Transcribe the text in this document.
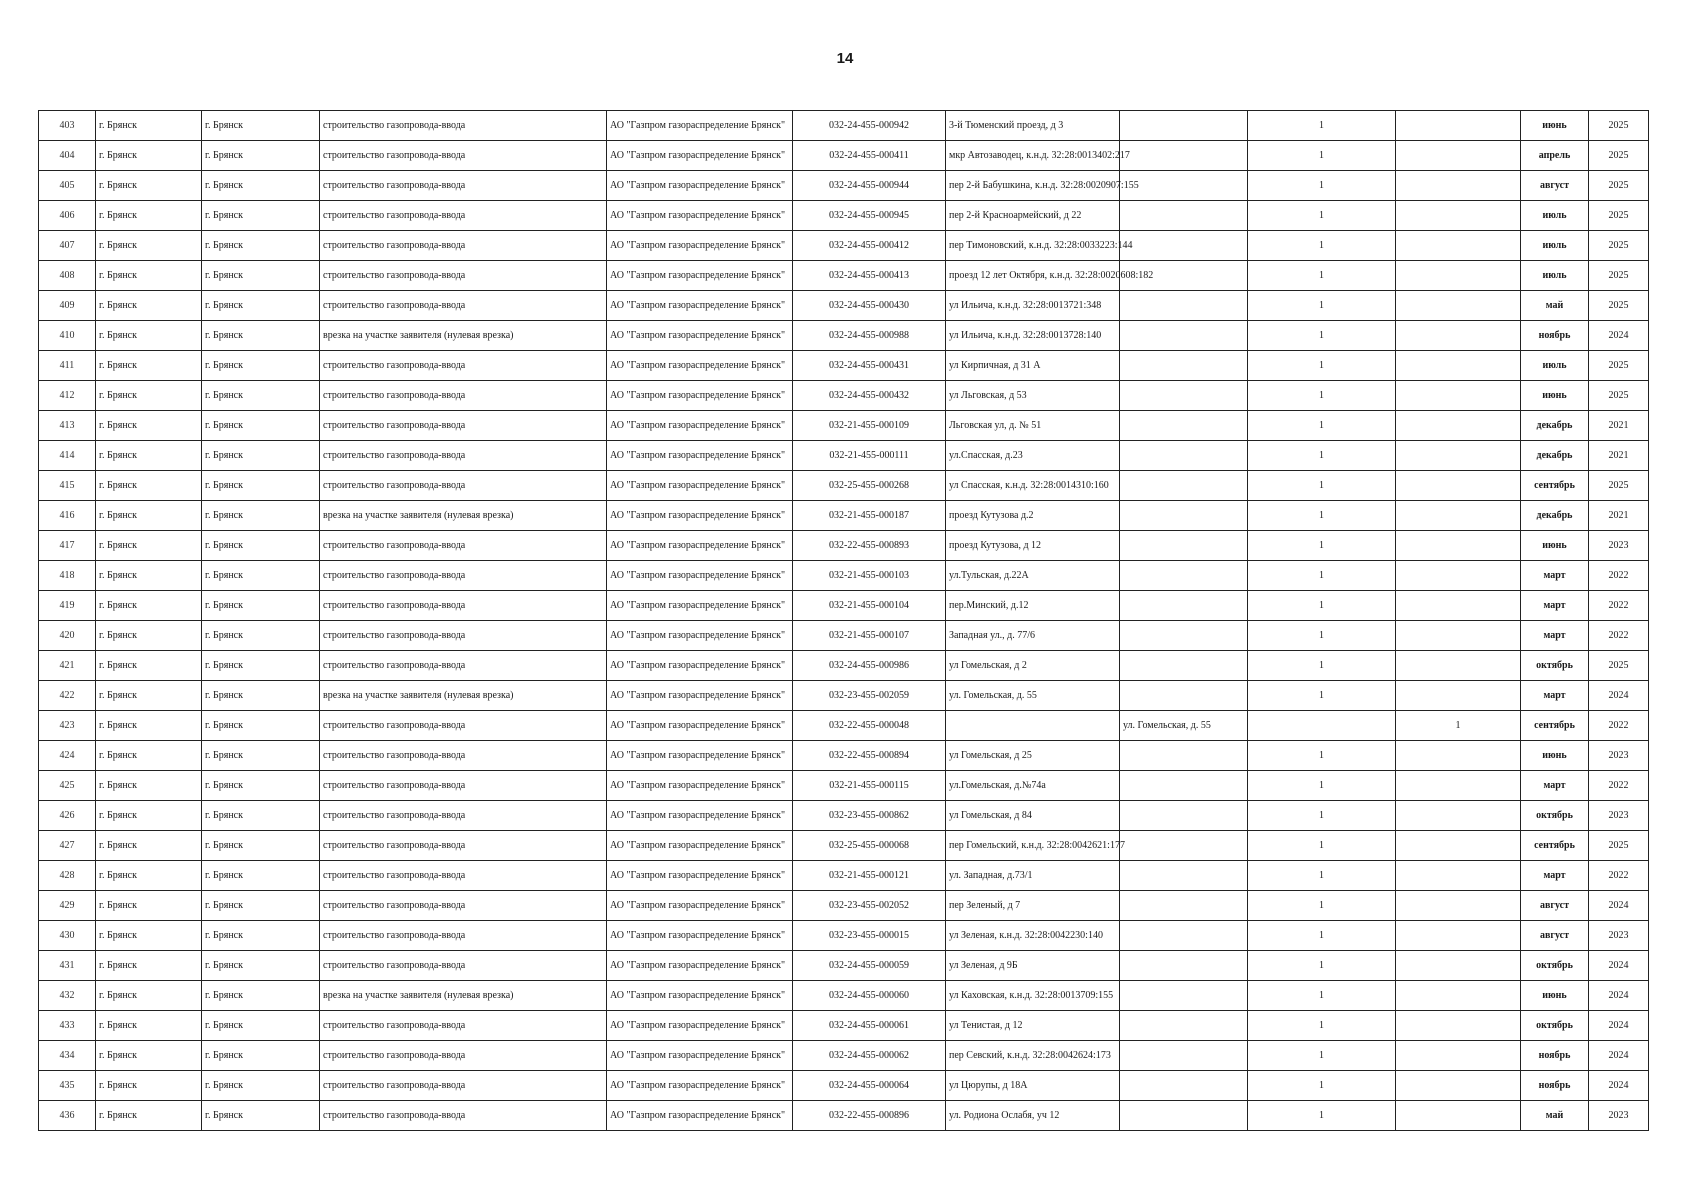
14
403	г. Брянск	г. Брянск	строительство газопровода-ввода	АО "Газпром газораспределение Брянск"	032-24-455-000942	3-й Тюменский проезд, д 3		1		июнь	2025
404	г. Брянск	г. Брянск	строительство газопровода-ввода	АО "Газпром газораспределение Брянск"	032-24-455-000411	мкр Автозаводец, к.н.д. 32:28:0013402:217		1		апрель	2025
405	г. Брянск	г. Брянск	строительство газопровода-ввода	АО "Газпром газораспределение Брянск"	032-24-455-000944	пер 2-й Бабушкина, к.н.д. 32:28:0020907:155		1		август	2025
406	г. Брянск	г. Брянск	строительство газопровода-ввода	АО "Газпром газораспределение Брянск"	032-24-455-000945	пер 2-й Красноармейский, д 22		1		июль	2025
407	г. Брянск	г. Брянск	строительство газопровода-ввода	АО "Газпром газораспределение Брянск"	032-24-455-000412	пер Тимоновский, к.н.д. 32:28:0033223:144		1		июль	2025
408	г. Брянск	г. Брянск	строительство газопровода-ввода	АО "Газпром газораспределение Брянск"	032-24-455-000413	проезд 12 лет Октября, к.н.д. 32:28:0020608:182		1		июль	2025
409	г. Брянск	г. Брянск	строительство газопровода-ввода	АО "Газпром газораспределение Брянск"	032-24-455-000430	ул Ильича, к.н.д. 32:28:0013721:348		1		май	2025
410	г. Брянск	г. Брянск	врезка на участке заявителя (нулевая врезка)	АО "Газпром газораспределение Брянск"	032-24-455-000988	ул Ильича, к.н.д. 32:28:0013728:140		1		ноябрь	2024
411	г. Брянск	г. Брянск	строительство газопровода-ввода	АО "Газпром газораспределение Брянск"	032-24-455-000431	ул Кирпичная, д 31 А		1		июль	2025
412	г. Брянск	г. Брянск	строительство газопровода-ввода	АО "Газпром газораспределение Брянск"	032-24-455-000432	ул Льговская, д 53		1		июнь	2025
413	г. Брянск	г. Брянск	строительство газопровода-ввода	АО "Газпром газораспределение Брянск"	032-21-455-000109	Льговская ул, д. № 51		1		декабрь	2021
414	г. Брянск	г. Брянск	строительство газопровода-ввода	АО "Газпром газораспределение Брянск"	032-21-455-000111	ул.Спасская, д.23		1		декабрь	2021
415	г. Брянск	г. Брянск	строительство газопровода-ввода	АО "Газпром газораспределение Брянск"	032-25-455-000268	ул Спасская, к.н.д. 32:28:0014310:160		1		сентябрь	2025
416	г. Брянск	г. Брянск	врезка на участке заявителя (нулевая врезка)	АО "Газпром газораспределение Брянск"	032-21-455-000187	проезд Кутузова д.2		1		декабрь	2021
417	г. Брянск	г. Брянск	строительство газопровода-ввода	АО "Газпром газораспределение Брянск"	032-22-455-000893	проезд Кутузова, д 12		1		июнь	2023
418	г. Брянск	г. Брянск	строительство газопровода-ввода	АО "Газпром газораспределение Брянск"	032-21-455-000103	ул.Тульская, д.22А		1		март	2022
419	г. Брянск	г. Брянск	строительство газопровода-ввода	АО "Газпром газораспределение Брянск"	032-21-455-000104	пер.Минский, д.12		1		март	2022
420	г. Брянск	г. Брянск	строительство газопровода-ввода	АО "Газпром газораспределение Брянск"	032-21-455-000107	Западная ул., д. 77/6		1		март	2022
421	г. Брянск	г. Брянск	строительство газопровода-ввода	АО "Газпром газораспределение Брянск"	032-24-455-000986	ул Гомельская, д 2		1		октябрь	2025
422	г. Брянск	г. Брянск	врезка на участке заявителя (нулевая врезка)	АО "Газпром газораспределение Брянск"	032-23-455-002059	ул. Гомельская, д. 55		1		март	2024
423	г. Брянск	г. Брянск	строительство газопровода-ввода	АО "Газпром газораспределение Брянск"	032-22-455-000048		ул. Гомельская, д. 55		1	сентябрь	2022
424	г. Брянск	г. Брянск	строительство газопровода-ввода	АО "Газпром газораспределение Брянск"	032-22-455-000894	ул Гомельская, д 25		1		июнь	2023
425	г. Брянск	г. Брянск	строительство газопровода-ввода	АО "Газпром газораспределение Брянск"	032-21-455-000115	ул.Гомельская, д.№74а		1		март	2022
426	г. Брянск	г. Брянск	строительство газопровода-ввода	АО "Газпром газораспределение Брянск"	032-23-455-000862	ул Гомельская, д 84		1		октябрь	2023
427	г. Брянск	г. Брянск	строительство газопровода-ввода	АО "Газпром газораспределение Брянск"	032-25-455-000068	пер Гомельский, к.н.д. 32:28:0042621:177		1		сентябрь	2025
428	г. Брянск	г. Брянск	строительство газопровода-ввода	АО "Газпром газораспределение Брянск"	032-21-455-000121	ул. Западная, д.73/1		1		март	2022
429	г. Брянск	г. Брянск	строительство газопровода-ввода	АО "Газпром газораспределение Брянск"	032-23-455-002052	пер Зеленый, д 7		1		август	2024
430	г. Брянск	г. Брянск	строительство газопровода-ввода	АО "Газпром газораспределение Брянск"	032-23-455-000015	ул Зеленая, к.н.д. 32:28:0042230:140		1		август	2023
431	г. Брянск	г. Брянск	строительство газопровода-ввода	АО "Газпром газораспределение Брянск"	032-24-455-000059	ул Зеленая, д 9Б		1		октябрь	2024
432	г. Брянск	г. Брянск	врезка на участке заявителя (нулевая врезка)	АО "Газпром газораспределение Брянск"	032-24-455-000060	ул Каховская, к.н.д. 32:28:0013709:155		1		июнь	2024
433	г. Брянск	г. Брянск	строительство газопровода-ввода	АО "Газпром газораспределение Брянск"	032-24-455-000061	ул Тенистая, д 12		1		октябрь	2024
434	г. Брянск	г. Брянск	строительство газопровода-ввода	АО "Газпром газораспределение Брянск"	032-24-455-000062	пер Севский, к.н.д. 32:28:0042624:173		1		ноябрь	2024
435	г. Брянск	г. Брянск	строительство газопровода-ввода	АО "Газпром газораспределение Брянск"	032-24-455-000064	ул Цюрупы, д 18А		1		ноябрь	2024
436	г. Брянск	г. Брянск	строительство газопровода-ввода	АО "Газпром газораспределение Брянск"	032-22-455-000896	ул. Родиона Ослабя, уч 12		1		май	2023
